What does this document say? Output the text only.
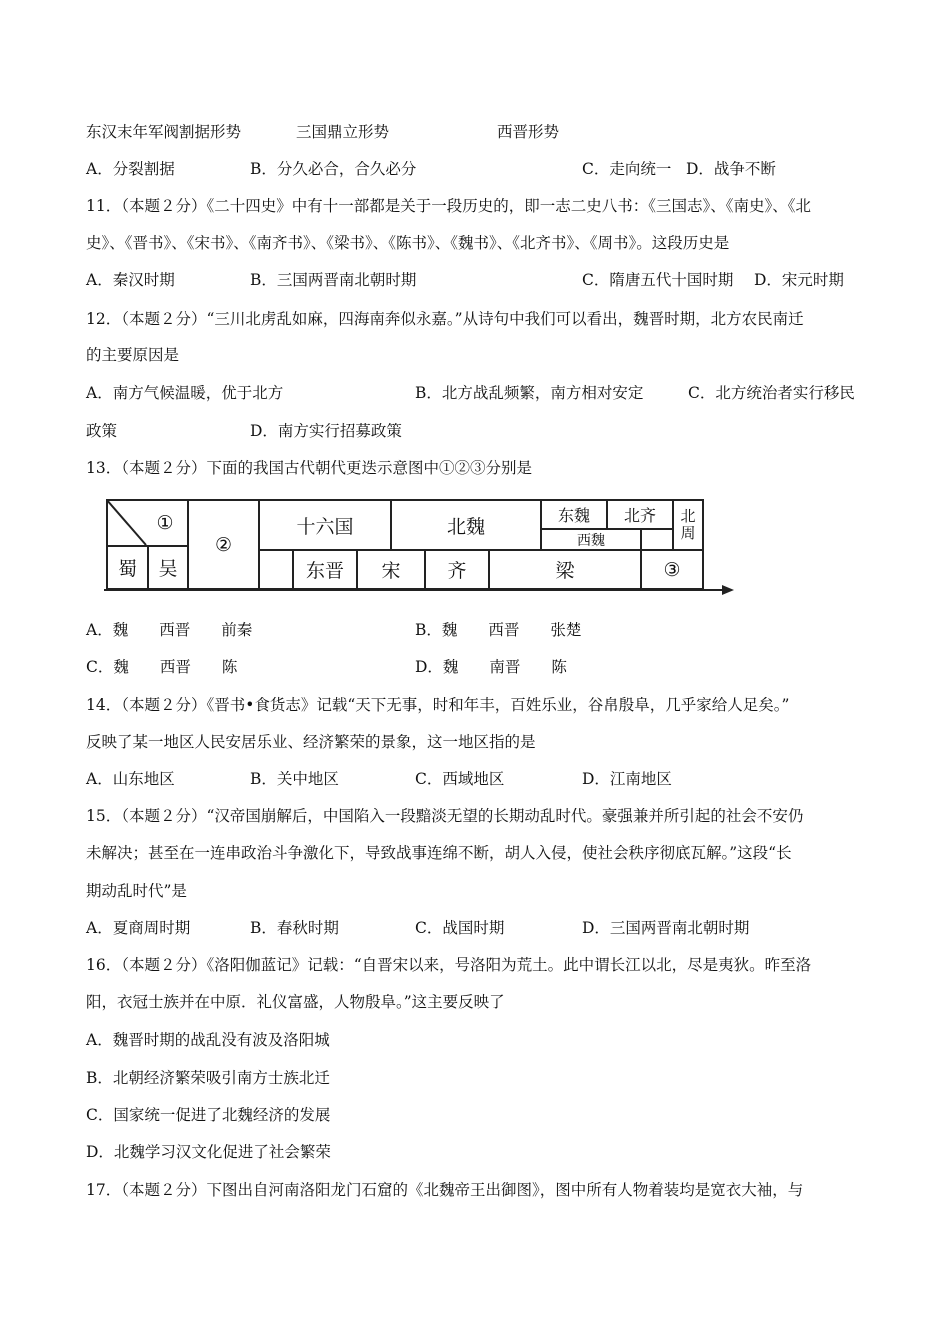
东汉末年军阀割据形势	三国鼎立形势	西晋形势
A．分裂割据	B．分久必合，合久必分	C．走向统一 D．战争不断
11．（本题２分）《二十四史》中有十一部都是关于一段历史的，即一志二史八书：《三国志》、《南史》、《北
史》、《晋书》、《宋书》、《南齐书》、《梁书》、《陈书》、《魏书》、《北齐书》、《周书》。这段历史是
A．秦汉时期	B．三国两晋南北朝时期	C．隋唐五代十国时期 D．宋元时期
12．（本题２分）“三川北虏乱如麻，四海南奔似永嘉。”从诗句中我们可以看出，魏晋时期，北方农民南迁
的主要原因是
A．南方气候温暖，优于北方	B．北方战乱频繁，南方相对安定	C．北方统治者实行移民
政策	D．南方实行招募政策
13．（本题２分）下面的我国古代朝代更迭示意图中①②③分别是
①
蜀	吴
②
十六国	北魏	东魏	北齐
西魏	北周
东晋	宋	齐	梁	③
A．魏　　西晋　　前秦	B．魏　　西晋　　张楚
C．魏　　西晋　　陈	D．魏　　南晋　　陈
14．（本题２分）《晋书•食货志》记载“天下无事，时和年丰，百姓乐业，谷帛殷阜，几乎家给人足矣。”
反映了某一地区人民安居乐业、经济繁荣的景象，这一地区指的是
A．山东地区	B．关中地区	C．西域地区	D．江南地区
15．（本题２分）“汉帝国崩解后，中国陷入一段黯淡无望的长期动乱时代。豪强兼并所引起的社会不安仍
未解决；甚至在一连串政治斗争激化下，导致战事连绵不断，胡人入侵，使社会秩序彻底瓦解。”这段“长
期动乱时代”是
A．夏商周时期	B．春秋时期	C．战国时期	D．三国两晋南北朝时期
16．（本题２分）《洛阳伽蓝记》记载：“自晋宋以来，号洛阳为荒土。此中谓长江以北，尽是夷狄。昨至洛
阳，衣冠士族并在中原．礼仪富盛，人物殷阜。”这主要反映了
A．魏晋时期的战乱没有波及洛阳城
B．北朝经济繁荣吸引南方士族北迁
C．国家统一促进了北魏经济的发展
D．北魏学习汉文化促进了社会繁荣
17．（本题２分）下图出自河南洛阳龙门石窟的《北魏帝王出御图》，图中所有人物着装均是宽衣大袖，与
